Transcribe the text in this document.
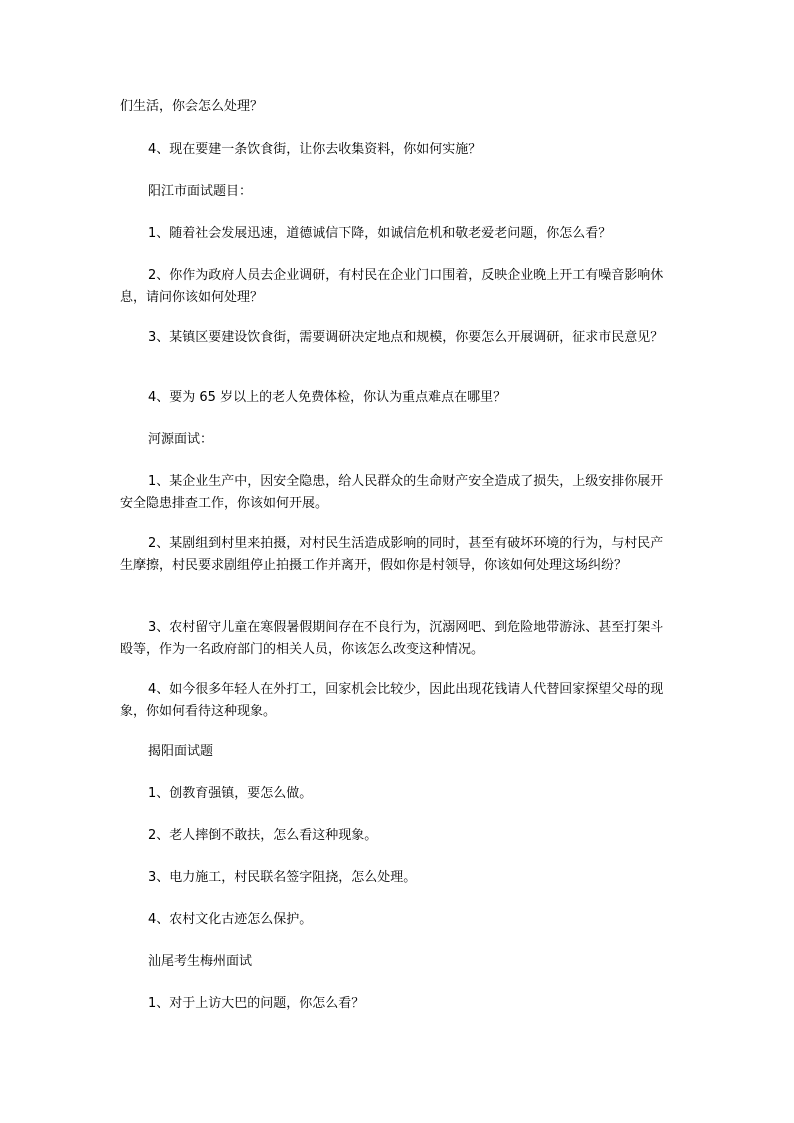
们生活，你会怎么处理？

4、现在要建一条饮食街，让你去收集资料，你如何实施？

阳江市面试题目：

1、随着社会发展迅速，道德诚信下降，如诚信危机和敬老爱老问题，你怎么看？

2、你作为政府人员去企业调研，有村民在企业门口围着，反映企业晚上开工有噪音影响休息，请问你该如何处理？

3、某镇区要建设饮食街，需要调研决定地点和规模，你要怎么开展调研，征求市民意见？

4、要为 65 岁以上的老人免费体检，你认为重点难点在哪里？

河源面试：

1、某企业生产中，因安全隐患，给人民群众的生命财产安全造成了损失，上级安排你展开安全隐患排查工作，你该如何开展。

2、某剧组到村里来拍摄，对村民生活造成影响的同时，甚至有破坏环境的行为，与村民产生摩擦，村民要求剧组停止拍摄工作并离开，假如你是村领导，你该如何处理这场纠纷？

3、农村留守儿童在寒假暑假期间存在不良行为，沉溺网吧、到危险地带游泳、甚至打架斗殴等，作为一名政府部门的相关人员，你该怎么改变这种情况。

4、如今很多年轻人在外打工，回家机会比较少，因此出现花钱请人代替回家探望父母的现象，你如何看待这种现象。

揭阳面试题

1、创教育强镇，要怎么做。

2、老人摔倒不敢扶，怎么看这种现象。

3、电力施工，村民联名签字阻挠，怎么处理。

4、农村文化古迹怎么保护。

汕尾考生梅州面试

1、对于上访大巴的问题，你怎么看？
